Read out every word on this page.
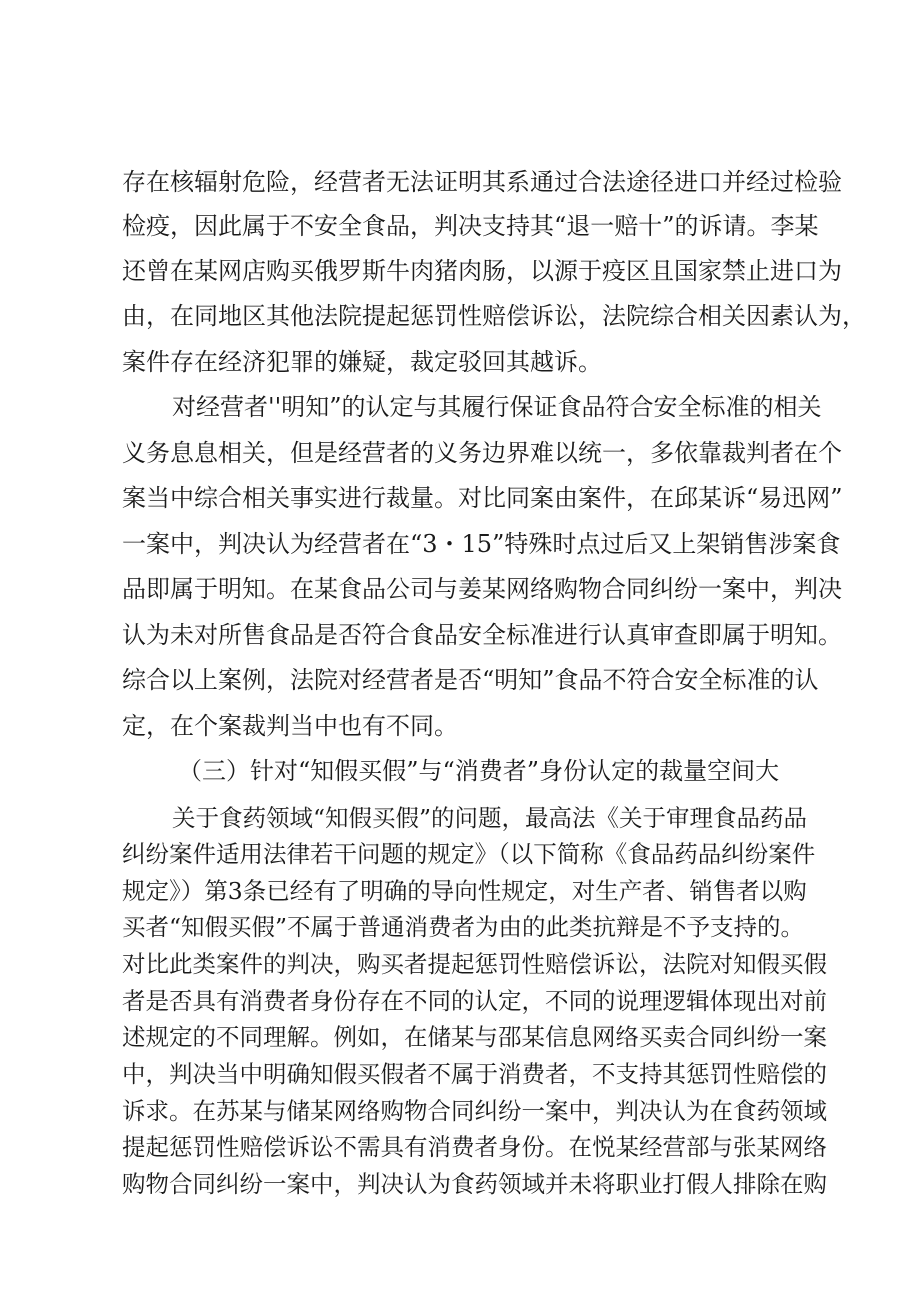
存在核辐射危险，经营者无法证明其系通过合法途径进口并经过检验
检疫，因此属于不安全食品，判决支持其“退一赔十”的诉请。李某
还曾在某网店购买俄罗斯牛肉猪肉肠，以源于疫区且国家禁止进口为
由，在同地区其他法院提起惩罚性赔偿诉讼，法院综合相关因素认为，
案件存在经济犯罪的嫌疑，裁定驳回其越诉。
对经营者''明知”的认定与其履行保证食品符合安全标准的相关
义务息息相关，但是经营者的义务边界难以统一，多依靠裁判者在个
案当中综合相关事实进行裁量。对比同案由案件，在邱某诉“易迅网”
一案中，判决认为经营者在“3・15”特殊时点过后又上架销售涉案食
品即属于明知。在某食品公司与姜某网络购物合同纠纷一案中，判决
认为未对所售食品是否符合食品安全标准进行认真审查即属于明知。
综合以上案例，法院对经营者是否“明知”食品不符合安全标准的认
定，在个案裁判当中也有不同。
（三）针对“知假买假”与“消费者”身份认定的裁量空间大
关于食药领域“知假买假”的问题，最高法《关于审理食品药品
纠纷案件适用法律若干问题的规定》（以下简称《食品药品纠纷案件
规定》）第3条已经有了明确的导向性规定，对生产者、销售者以购
买者“知假买假”不属于普通消费者为由的此类抗辩是不予支持的。
对比此类案件的判决，购买者提起惩罚性赔偿诉讼，法院对知假买假
者是否具有消费者身份存在不同的认定，不同的说理逻辑体现出对前
述规定的不同理解。例如，在储某与邵某信息网络买卖合同纠纷一案
中，判决当中明确知假买假者不属于消费者，不支持其惩罚性赔偿的
诉求。在苏某与储某网络购物合同纠纷一案中，判决认为在食药领域
提起惩罚性赔偿诉讼不需具有消费者身份。在悦某经营部与张某网络
购物合同纠纷一案中，判决认为食药领域并未将职业打假人排除在购
